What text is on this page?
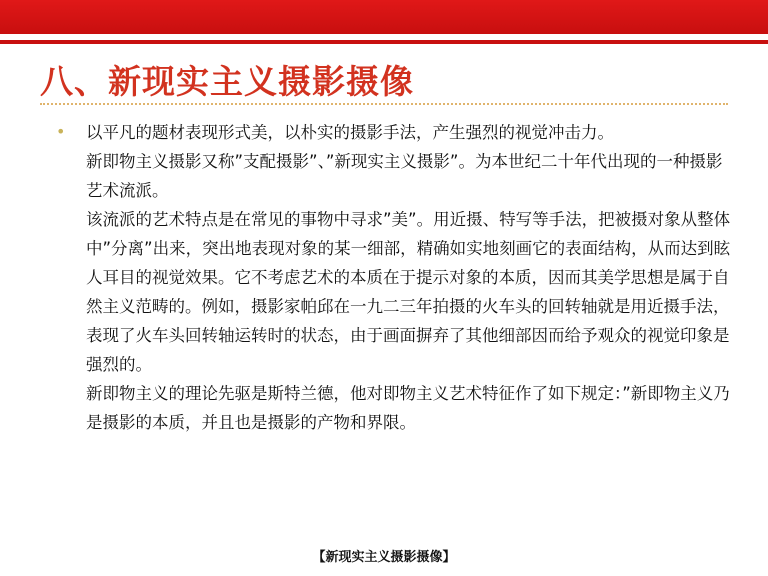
八、新现实主义摄影摄像
• 以平凡的题材表现形式美，以朴实的摄影手法，产生强烈的视觉冲击力。

新即物主义摄影又称”支配摄影”、”新现实主义摄影”。为本世纪二十年代出现的一种摄影艺术流派。

该流派的艺术特点是在常见的事物中寻求”美”。用近摄、特写等手法，把被摄对象从整体中”分离”出来，突出地表现对象的某一细部，精确如实地刻画它的表面结构，从而达到眩人耳目的视觉效果。它不考虑艺术的本质在于提示对象的本质，因而其美学思想是属于自然主义范畴的。例如，摄影家帕邱在一九二三年拍摄的火车头的回转轴就是用近摄手法，表现了火车头回转轴运转时的状态，由于画面摒弃了其他细部因而给予观众的视觉印象是强烈的。

新即物主义的理论先驱是斯特兰德，他对即物主义艺术特征作了如下规定：”新即物主义乃是摄影的本质，并且也是摄影的产物和界限。

【新现实主义摄影摄像】
